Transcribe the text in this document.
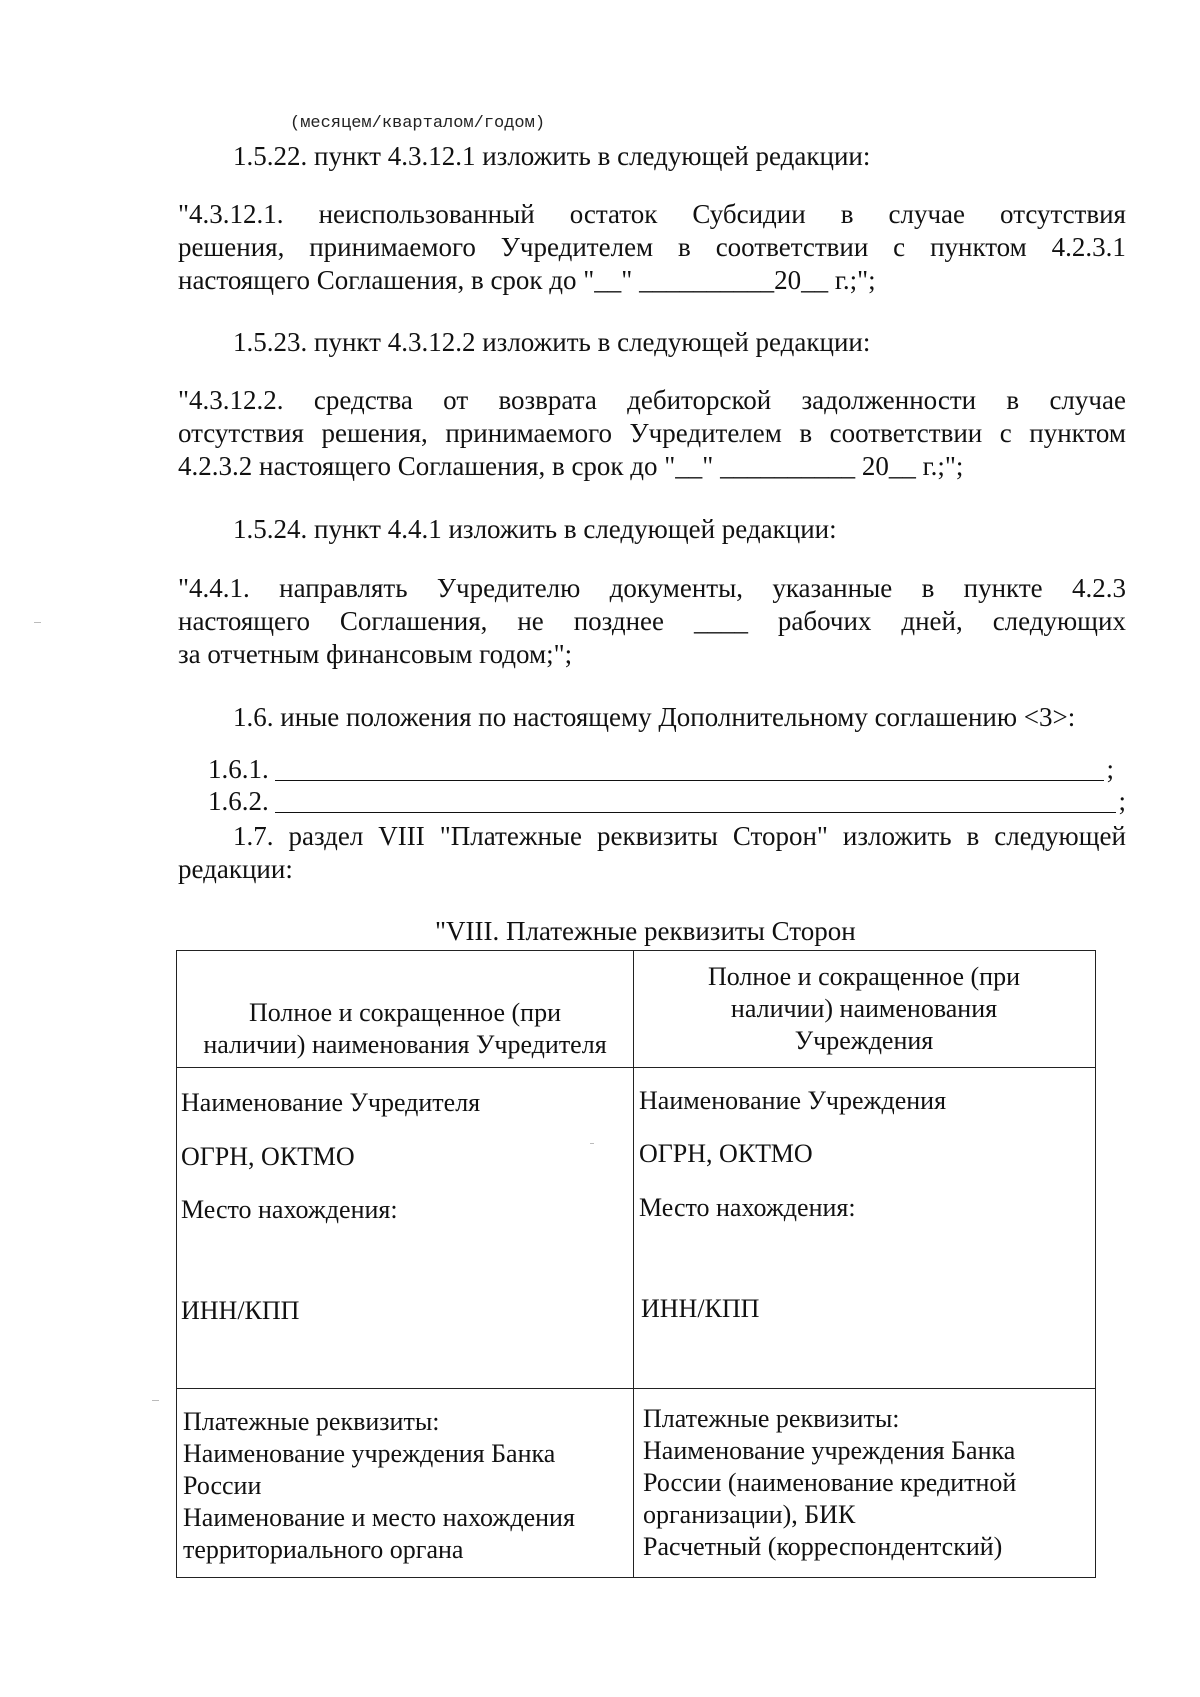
(месяцем/кварталом/годом)
1.5.22. пункт 4.3.12.1 изложить в следующей редакции:
"4.3.12.1. неиспользованный остаток Субсидии в случае отсутствия
решения, принимаемого Учредителем в соответствии с пунктом 4.2.3.1
настоящего Соглашения, в срок до "__" __________20__ г.;";
1.5.23. пункт 4.3.12.2 изложить в следующей редакции:
"4.3.12.2. средства от возврата дебиторской задолженности в случае
отсутствия решения, принимаемого Учредителем в соответствии с пунктом
4.2.3.2 настоящего Соглашения, в срок до "__" __________ 20__ г.;";
1.5.24. пункт 4.4.1 изложить в следующей редакции:
"4.4.1. направлять Учредителю документы, указанные в пункте 4.2.3
настоящего Соглашения, не позднее ____ рабочих дней, следующих
за отчетным финансовым годом;";
1.6. иные положения по настоящему Дополнительному соглашению <3>:
1.6.1.	;
1.6.2.	;
1.7. раздел VIII "Платежные реквизиты Сторон" изложить в следующей
редакции:
"VIII. Платежные реквизиты Сторон
Полное и сокращенное (при
наличии) наименования Учредителя
Полное и сокращенное (при
наличии) наименования
Учреждения
Наименование Учредителя
ОГРН, ОКТМО
Место нахождения:
ИНН/КПП
Наименование Учреждения
ОГРН, ОКТМО
Место нахождения:
ИНН/КПП
Платежные реквизиты:
Наименование учреждения Банка
России
Наименование и место нахождения
территориального органа
Платежные реквизиты:
Наименование учреждения Банка
России (наименование кредитной
организации), БИК
Расчетный (корреспондентский)
